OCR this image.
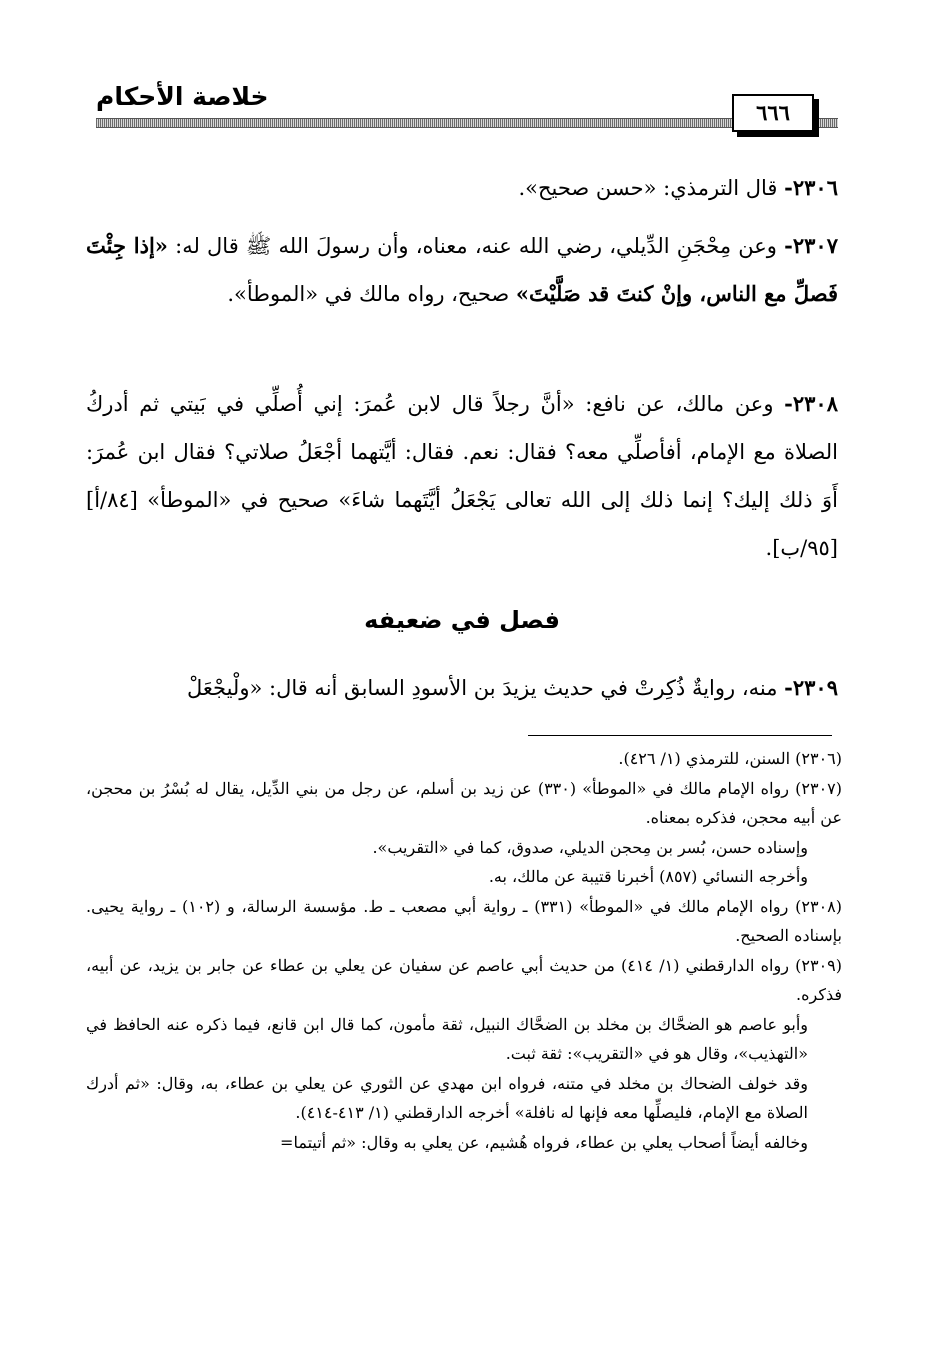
خلاصة الأحكام
٦٦٦
٢٣٠٦- قال الترمذي: «حسن صحيح».
٢٣٠٧- وعن مِحْجَنِ الدِّيلي، رضي الله عنه، معناه، وأن رسولَ الله ﷺ قال له: «إذا جِئْتَ فَصلِّ مع الناس، وإنْ كنتَ قد صَلَّيْتَ» صحيح، رواه مالك في «الموطأ».
٢٣٠٨- وعن مالك، عن نافع: «أنَّ رجلاً قال لابن عُمرَ: إني أُصلِّي في بَيتي ثم أدركُ الصلاة مع الإمام، أفأصلِّي معه؟ فقال: نعم. فقال: أيَّتهما أجْعَلُ صلاتي؟ فقال ابن عُمرَ: أَوَ ذلك إليك؟ إنما ذلك إلى الله تعالى يَجْعَلُ أيَّتَهما شاءَ» صحيح في «الموطأ» [٨٤/أ] [٩٥/ب].
فصل في ضعيفه
٢٣٠٩- منه، روايةٌ ذُكِرتْ في حديث يزيدَ بن الأسودِ السابق أنه قال: «ولْيجْعَلْ

(٢٣٠٦) السنن، للترمذي (١/ ٤٢٦).

(٢٣٠٧) رواه الإمام مالك في «الموطأ» (٣٣٠) عن زيد بن أسلم، عن رجل من بني الدِّيل، يقال له بُسْرُ بن محجن، عن أبيه محجن، فذكره بمعناه.

وإسناده حسن، بُسر بن مِحجن الديلي، صدوق، كما في «التقريب».

وأخرجه النسائي (٨٥٧) أخبرنا قتيبة عن مالك، به.

(٢٣٠٨) رواه الإمام مالك في «الموطأ» (٣٣١) ـ رواية أبي مصعب ـ ط. مؤسسة الرسالة، و (١٠٢) ـ رواية يحيى. بإسناده الصحيح.

(٢٣٠٩) رواه الدارقطني (١/ ٤١٤) من حديث أبي عاصم عن سفيان عن يعلي بن عطاء عن جابر بن يزيد، عن أبيه، فذكره.

وأبو عاصم هو الضحَّاك بن مخلد بن الضحَّاك النبيل، ثقة مأمون، كما قال ابن قانع، فيما ذكره عنه الحافظ في «التهذيب»، وقال هو في «التقريب»: ثقة ثبت.

وقد خولف الضحاك بن مخلد في متنه، فرواه ابن مهدي عن الثوري عن يعلي بن عطاء، به، وقال: «ثم أدرك الصلاة مع الإمام، فليصلِّها معه فإنها له نافلة» أخرجه الدارقطني (١/ ٤١٣-٤١٤).

وخالفه أيضاً أصحاب يعلي بن عطاء، فرواه هُشيم، عن يعلي به وقال: «ثم أتيتما=
